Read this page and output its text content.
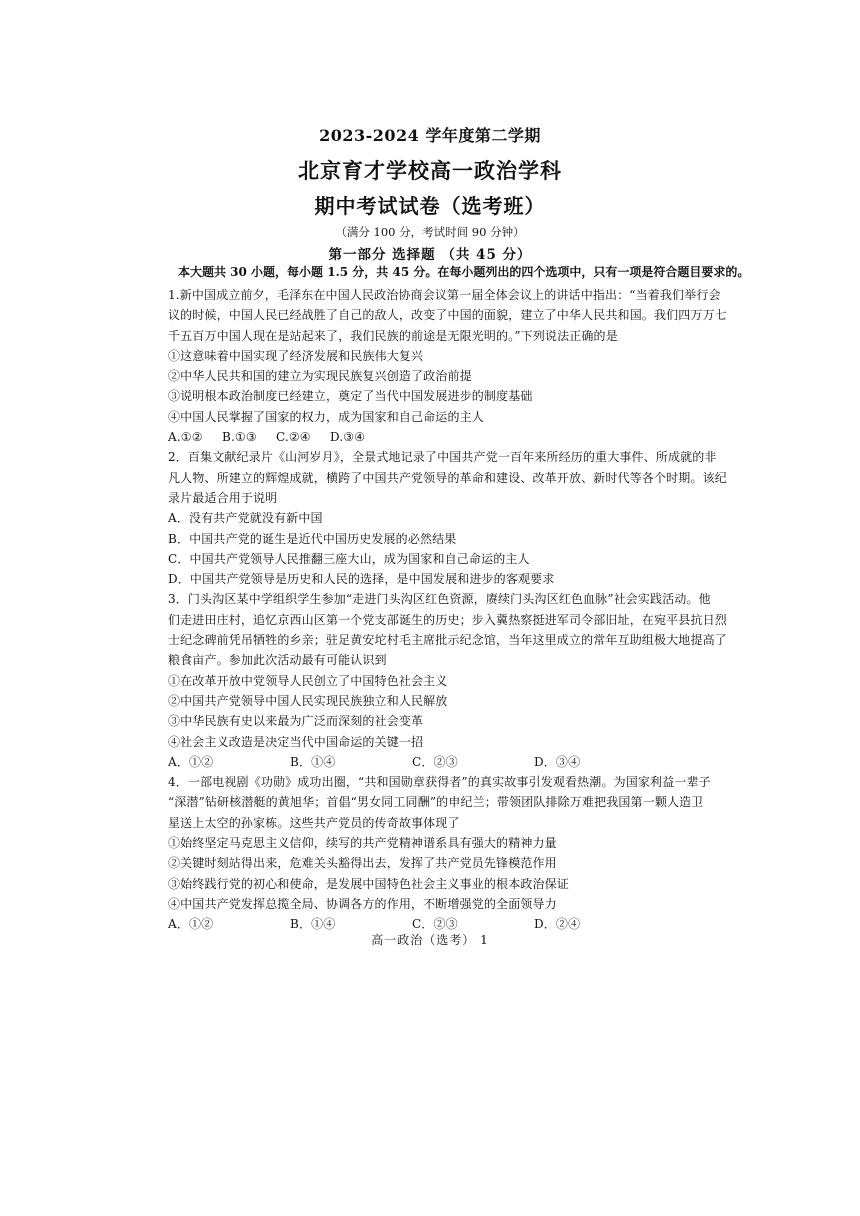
2023-2024 学年度第二学期
北京育才学校高一政治学科
期中考试试卷（选考班）
（满分 100 分，考试时间 90 分钟）
第一部分 选择题 （共 45 分）
本大题共 30 小题，每小题 1.5 分，共 45 分。在每小题列出的四个选项中，只有一项是符合题目要求的。

1.新中国成立前夕，毛泽东在中国人民政治协商会议第一届全体会议上的讲话中指出：“当着我们举行会

议的时候，中国人民已经战胜了自己的敌人，改变了中国的面貌，建立了中华人民共和国。我们四万万七

千五百万中国人现在是站起来了，我们民族的前途是无限光明的。”下列说法正确的是

①这意味着中国实现了经济发展和民族伟大复兴

②中华人民共和国的建立为实现民族复兴创造了政治前提

③说明根本政治制度已经建立，奠定了当代中国发展进步的制度基础

④中国人民掌握了国家的权力，成为国家和自己命运的主人

A.①②	B.①③	C.②④	D.③④

2．百集文献纪录片《山河岁月》，全景式地记录了中国共产党一百年来所经历的重大事件、所成就的非

凡人物、所建立的辉煌成就，横跨了中国共产党领导的革命和建设、改革开放、新时代等各个时期。该纪

录片最适合用于说明

A．没有共产党就没有新中国

B．中国共产党的诞生是近代中国历史发展的必然结果

C．中国共产党领导人民推翻三座大山，成为国家和自己命运的主人

D．中国共产党领导是历史和人民的选择，是中国发展和进步的客观要求

3．门头沟区某中学组织学生参加“走进门头沟区红色资源，赓续门头沟区红色血脉”社会实践活动。他

们走进田庄村，追忆京西山区第一个党支部诞生的历史；步入冀热察挺进军司令部旧址，在宛平县抗日烈

士纪念碑前凭吊牺牲的乡亲；驻足黄安坨村毛主席批示纪念馆，当年这里成立的常年互助组极大地提高了

粮食亩产。参加此次活动最有可能认识到

①在改革开放中党领导人民创立了中国特色社会主义

②中国共产党领导中国人民实现民族独立和人民解放

③中华民族有史以来最为广泛而深刻的社会变革

④社会主义改造是决定当代中国命运的关键一招

A．①②	B．①④	C．②③	D．③④

4．一部电视剧《功勋》成功出圈，“共和国勋章获得者”的真实故事引发观看热潮。为国家利益一辈子

“深潜”钻研核潜艇的黄旭华；首倡“男女同工同酬”的申纪兰；带领团队排除万难把我国第一颗人造卫

星送上太空的孙家栋。这些共产党员的传奇故事体现了

①始终坚定马克思主义信仰，续写的共产党精神谱系具有强大的精神力量

②关键时刻站得出来，危难关头豁得出去，发挥了共产党员先锋模范作用

③始终践行党的初心和使命，是发展中国特色社会主义事业的根本政治保证

④中国共产党发挥总揽全局、协调各方的作用，不断增强党的全面领导力

A．①②	B．①④	C．②③	D．②④
高一政治（选考） 1
